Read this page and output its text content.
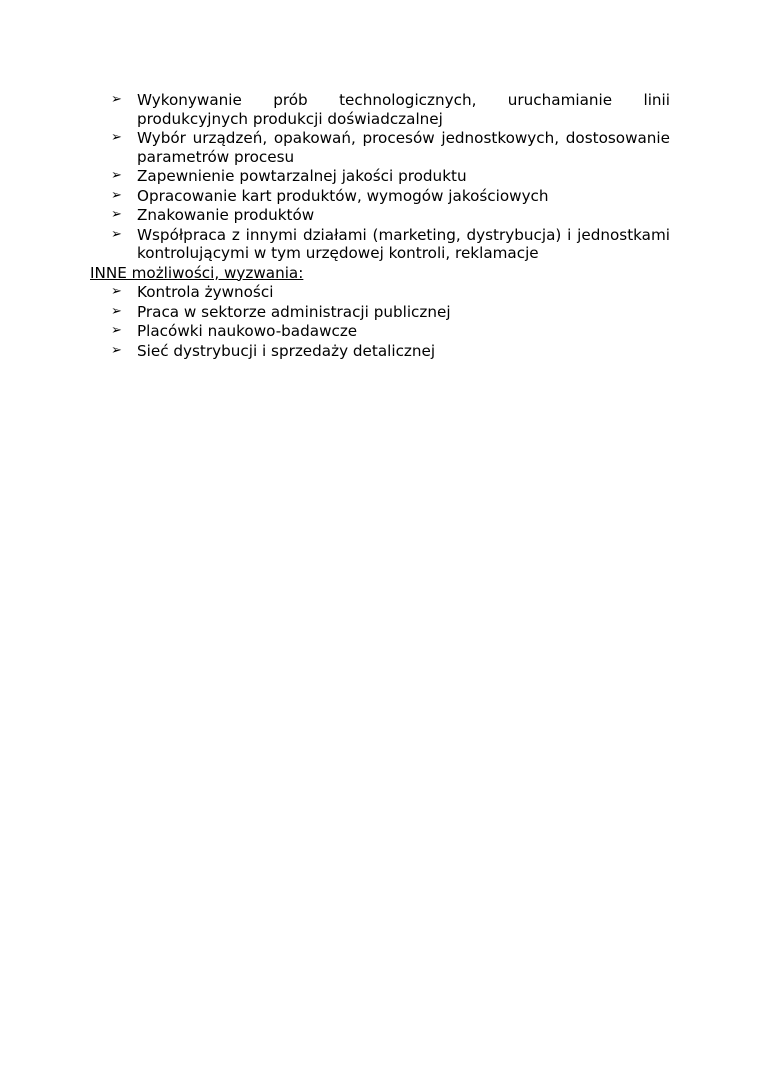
➢ Wykonywanie prób technologicznych, uruchamianie linii produkcyjnych produkcji doświadczalnej
➢ Wybór urządzeń, opakowań, procesów jednostkowych, dostosowanie parametrów procesu
➢ Zapewnienie powtarzalnej jakości produktu
➢ Opracowanie kart produktów, wymogów jakościowych
➢ Znakowanie produktów
➢ Współpraca z innymi działami (marketing, dystrybucja) i jednostkami kontrolującymi w tym urzędowej kontroli, reklamacje
INNE możliwości, wyzwania:
➢ Kontrola żywności
➢ Praca w sektorze administracji publicznej
➢ Placówki naukowo-badawcze
➢ Sieć dystrybucji i sprzedaży detalicznej
